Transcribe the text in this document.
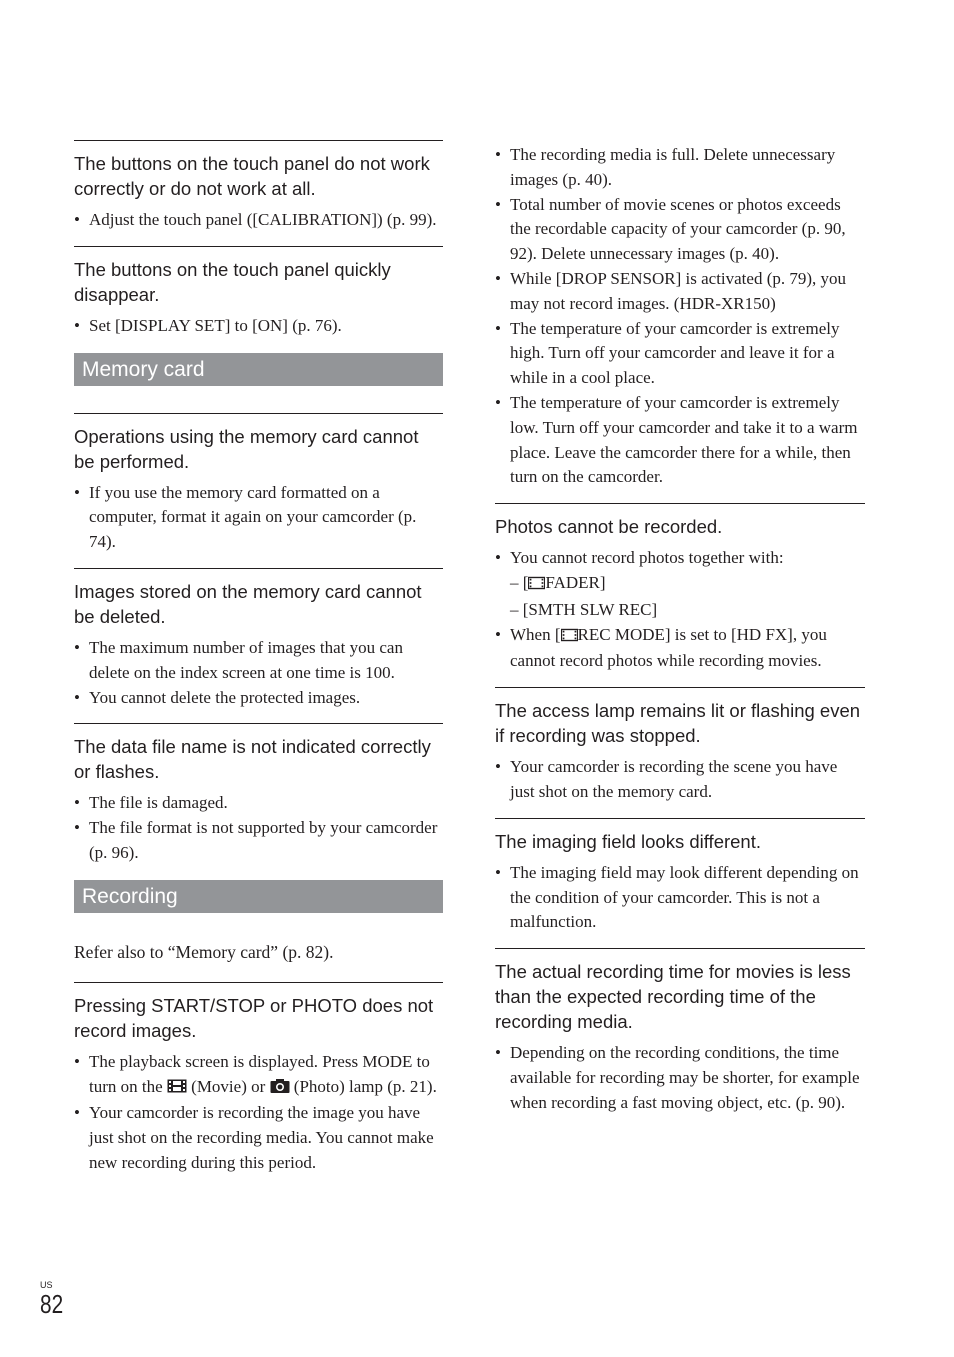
The buttons on the touch panel do not work correctly or do not work at all.
• Adjust the touch panel ([CALIBRATION]) (p. 99).
The buttons on the touch panel quickly disappear.
• Set [DISPLAY SET] to [ON] (p. 76).
Memory card
Operations using the memory card cannot be performed.
• If you use the memory card formatted on a computer, format it again on your camcorder (p. 74).
Images stored on the memory card cannot be deleted.
• The maximum number of images that you can delete on the index screen at one time is 100.
• You cannot delete the protected images.
The data file name is not indicated correctly or flashes.
• The file is damaged.
• The file format is not supported by your camcorder (p. 96).
Recording
Refer also to “Memory card” (p. 82).
Pressing START/STOP or PHOTO does not record images.
• The playback screen is displayed. Press MODE to turn on the  (Movie) or  (Photo) lamp (p. 21).
• Your camcorder is recording the image you have just shot on the recording media. You cannot make new recording during this period.
• The recording media is full. Delete unnecessary images (p. 40).
• Total number of movie scenes or photos exceeds the recordable capacity of your camcorder (p. 90, 92). Delete unnecessary images (p. 40).
• While [DROP SENSOR] is activated (p. 79), you may not record images. (HDR-XR150)
• The temperature of your camcorder is extremely high. Turn off your camcorder and leave it for a while in a cool place.
• The temperature of your camcorder is extremely low. Turn off your camcorder and take it to a warm place. Leave the camcorder there for a while, then turn on the camcorder.
Photos cannot be recorded.
• You cannot record photos together with:
– [ FADER]
– [SMTH SLW REC]
• When [ REC MODE] is set to [HD FX], you cannot record photos while recording movies.
The access lamp remains lit or flashing even if recording was stopped.
• Your camcorder is recording the scene you have just shot on the memory card.
The imaging field looks different.
• The imaging field may look different depending on the condition of your camcorder. This is not a malfunction.
The actual recording time for movies is less than the expected recording time of the recording media.
• Depending on the recording conditions, the time available for recording may be shorter, for example when recording a fast moving object, etc. (p. 90).
US
82
